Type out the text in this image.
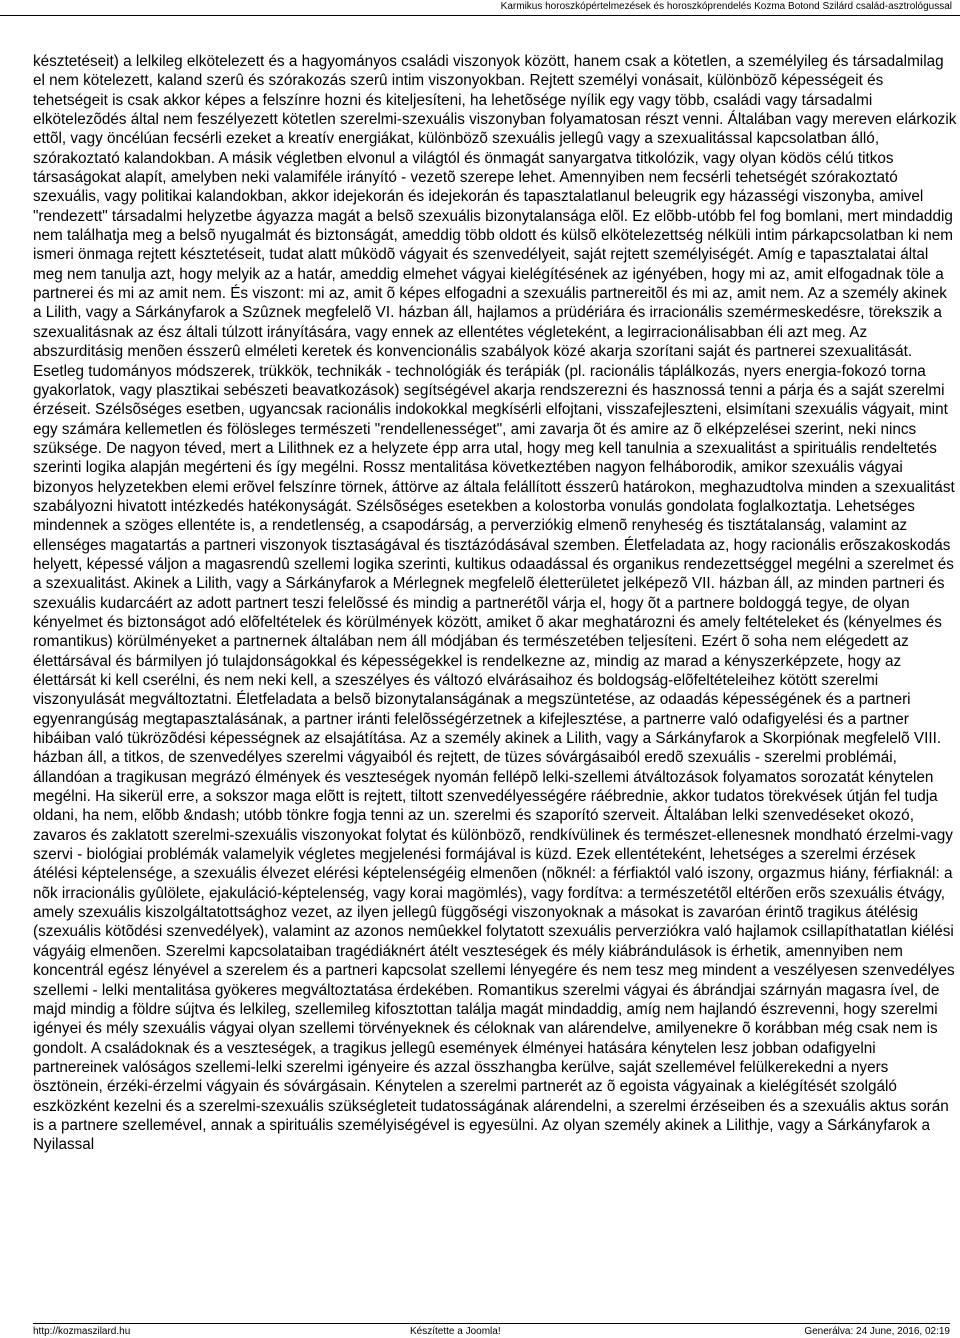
Karmikus horoszkópértelmezések és horoszkóprendelés Kozma Botond Szilárd család-asztrológussal

késztetéseit) a lelkileg elkötelezett és a hagyományos családi viszonyok között, hanem csak a kötetlen, a személyileg és társadalmilag el nem kötelezett, kaland szerû és szórakozás szerû intim viszonyokban. Rejtett személyi vonásait, különbözõ képességeit és tehetségeit is csak akkor képes a felszínre hozni és kiteljesíteni, ha lehetõsége nyílik egy vagy több, családi vagy társadalmi elkötelezõdés által nem feszélyezett kötetlen szerelmi-szexuális viszonyban folyamatosan részt venni. Általában vagy mereven elárkozik ettõl, vagy öncélúan fecsérli ezeket a kreatív energiákat, különbözõ szexuális jellegû vagy a szexualitással kapcsolatban álló, szórakoztató kalandokban. A másik végletben elvonul a világtól és önmagát sanyargatva titkolózik, vagy olyan ködös célú titkos társaságokat alapít, amelyben neki valamiféle irányító - vezetõ szerepe lehet. Amennyiben nem fecsérli tehetségét szórakoztató szexuális, vagy politikai kalandokban, akkor idejekorán és idejekorán és tapasztalatlanul beleugrik egy házasségi viszonyba, amivel "rendezett" társadalmi helyzetbe ágyazza magát a belsõ szexuális bizonytalansága elõl. Ez elõbb-utóbb fel fog bomlani, mert mindaddig nem találhatja meg a belsõ nyugalmát és biztonságát, ameddig több oldott és külsõ elkötelezettség nélküli intim párkapcsolatban ki nem ismeri önmaga rejtett késztetéseit, tudat alatt mûködõ vágyait és szenvedélyeit, saját rejtett személyiségét. Amíg e tapasztalatai által meg nem tanulja azt, hogy melyik az a határ, ameddig elmehet vágyai kielégítésének az igényében, hogy mi az, amit elfogadnak töle a partnerei és mi az amit nem. És viszont: mi az, amit õ képes elfogadni a szexuális partnereitõl és mi az, amit nem. Az a személy akinek a Lilith, vagy a Sárkányfarok a Szûznek megfelelõ VI. házban áll, hajlamos a prüdériára és irracionális szemérmeskedésre, törekszik a szexualitásnak az ész általi túlzott irányítására, vagy ennek az ellentétes végleteként, a legirracionálisabban éli azt meg. Az abszurditásig menõen ésszerû elméleti keretek és konvencionális szabályok közé akarja szorítani saját és partnerei szexualitását. Esetleg tudományos módszerek, trükkök, technikák - technológiák és terápiák (pl. racionális táplálkozás, nyers energia-fokozó torna gyakorlatok, vagy plasztikai sebészeti beavatkozások) segítségével akarja rendszerezni és hasznossá tenni a párja és a saját szerelmi érzéseit. Szélsõséges esetben, ugyancsak racionális indokokkal megkísérli elfojtani, visszafejleszteni, elsimítani szexuális vágyait, mint egy számára kellemetlen és fölösleges természeti "rendellenességet", ami zavarja õt és amire az õ elképzelései szerint, neki nincs szüksége. De nagyon téved, mert a Lilithnek ez a helyzete épp arra utal, hogy meg kell tanulnia a szexualitást a spirituális rendeltetés szerinti logika alapján megérteni és így megélni. Rossz mentalitása következtében nagyon felháborodik, amikor szexuális vágyai bizonyos helyzetekben elemi erõvel felszínre törnek, áttörve az általa felállított ésszerû határokon, meghazudtolva minden a szexualitást szabályozni hivatott intézkedés hatékonyságát. Szélsõséges esetekben a kolostorba vonulás gondolata foglalkoztatja. Lehetséges mindennek a szöges ellentéte is, a rendetlenség, a csapodárság, a perverziókig elmenõ renyheség és tisztátalanság, valamint az ellenséges magatartás a partneri viszonyok tisztaságával és tisztázódásával szemben. Életfeladata az, hogy racionális erõszakoskodás helyett, képessé váljon a magasrendû szellemi logika szerinti, kultikus odaadással és organikus rendezettséggel megélni a szerelmet és a szexualitást. Akinek a Lilith, vagy a Sárkányfarok a Mérlegnek megfelelõ életterületet jelképezõ VII. házban áll, az minden partneri és szexuális kudarcáért az adott partnert teszi felelõssé és mindig a partnerétõl várja el, hogy õt a partnere boldoggá tegye, de olyan kényelmet és biztonságot adó elõfeltételek és körülmények között, amiket õ akar meghatározni és amely feltételeket és (kényelmes és romantikus) körülményeket a partnernek általában nem áll módjában és természetében teljesíteni. Ezért õ soha nem elégedett az élettársával és bármilyen jó tulajdonságokkal és képességekkel is rendelkezne az, mindig az marad a kényszerképzete, hogy az élettársát ki kell cserélni, és nem neki kell, a szeszélyes és változó elvárásaihoz és boldogság-elõfeltételeihez kötött szerelmi viszonyulását megváltoztatni. Életfeladata a belsõ bizonytalanságának a megszüntetése, az odaadás képességének és a partneri egyenrangúság megtapasztalásának, a partner iránti felelõsségérzetnek a kifejlesztése, a partnerre való odafigyelési és a partner hibáiban való tükrözõdési képességnek az elsajátítása. Az a személy akinek a Lilith, vagy a Sárkányfarok a Skorpiónak megfelelõ VIII. házban áll, a titkos, de szenvedélyes szerelmi vágyaiból és rejtett, de tüzes sóvárgásaiból eredõ szexuális - szerelmi problémái, állandóan a tragikusan megrázó élmények és veszteségek nyomán fellépõ lelki-szellemi átváltozások folyamatos sorozatát kénytelen megélni. Ha sikerül erre, a sokszor maga elõtt is rejtett, tiltott szenvedélyességére ráébrednie, akkor tudatos törekvések útján fel tudja oldani, ha nem, elõbb &ndash; utóbb tönkre fogja tenni az un. szerelmi és szaporító szerveit. Általában lelki szenvedéseket okozó, zavaros és zaklatott szerelmi-szexuális viszonyokat folytat és különbözõ, rendkívülinek és természet-ellenesnek mondható érzelmi-vagy szervi - biológiai problémák valamelyik végletes megjelenési formájával is küzd. Ezek ellentéteként, lehetséges a szerelmi érzések átélési képtelensége, a szexuális élvezet elérési képtelenségéig elmenõen (nõknél: a férfiaktól való iszony, orgazmus hiány, férfiaknál: a nõk irracionális gyûlölete, ejakuláció-képtelenség, vagy korai magömlés), vagy fordítva: a természetétõl eltérõen erõs szexuális étvágy, amely szexuális kiszolgáltatottsághoz vezet, az ilyen jellegû függõségi viszonyoknak a másokat is zavaróan érintõ tragikus átélésig (szexuális kötõdési szenvedélyek), valamint az azonos nemûekkel folytatott szexuális perverziókra való hajlamok csillapíthatatlan kiélési vágyáig elmenõen. Szerelmi kapcsolataiban tragédiáknért átélt veszteségek és mély kiábrándulások is érhetik, amennyiben nem koncentrál egész lényével a szerelem és a partneri kapcsolat szellemi lényegére és nem tesz meg mindent a veszélyesen szenvedélyes szellemi - lelki mentalitása gyökeres megváltoztatása érdekében. Romantikus szerelmi vágyai és ábrándjai szárnyán magasra ível, de majd mindig a földre sújtva és lelkileg, szellemileg kifosztottan találja magát mindaddig, amíg nem hajlandó észrevenni, hogy szerelmi igényei és mély szexuális vágyai olyan szellemi törvényeknek és céloknak van alárendelve, amilyenekre õ korábban még csak nem is gondolt. A családoknak és a veszteségek, a tragikus jellegû események élményei hatására kénytelen lesz jobban odafigyelni partnereinek valóságos szellemi-lelki szerelmi igényeire és azzal összhangba kerülve, saját szellemével felülkerekedni a nyers ösztönein, érzéki-érzelmi vágyain és sóvárgásain. Kénytelen a szerelmi partnerét az õ egoista vágyainak a kielégítését szolgáló eszközként kezelni és a szerelmi-szexuális szükségleteit tudatosságának alárendelni, a szerelmi érzéseiben és a szexuális aktus során is a partnere szellemével, annak a spirituális személyiségével is egyesülni. Az olyan személy akinek a Lilithje, vagy a Sárkányfarok a Nyilassal

http://kozmaszilard.hu	Készítette a Joomla!	Generálva: 24 June, 2016, 02:19
